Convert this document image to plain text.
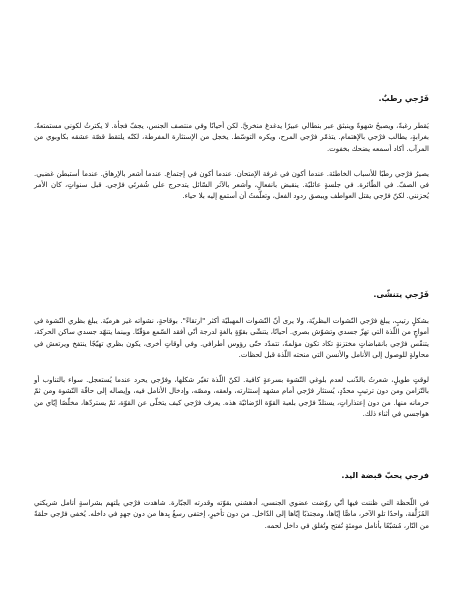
فَرْجي رطبٌ.

يَقطر رغبةً، ويصبحُ شهوةً وينبثق عبر بنطالي عبيرًا يدغدغ منخريَّ. لكن أحيانًا وفي منتصف الجنس، يجفّ فجأة. لا يكترثُ لكوني مستمتعةً. بغرابةٍ، يطالب فرْجي بالإهتمام. يتذمّر فرْجي المرح، ويكره التوسّط. يخجل من الإستثارة المفرطة، لكنّه يلتقط قصّة عشقه بكاوبوي من المرآب. أكاد أسمعه يضحك بخفوت.

يصيرُ فرْجي رطبًا للأسباب الخاطئة. عندما أكون في غرفة الإمتحان. عندما أكون في إجتماع. عندما أشعر بالإرهاق. عندما أستبطن غضبي. في الصفّ. في الطّائرة. في جلسةٍ عائليّة. ينقبض بانفعالٍ، وأشعر بالآثر السّائل يتدحرج على شُفرتَي فرْجي. قبل سنواتٍ، كان الأمر يُحزنني. لكنّ فرْجي يقتل العواطف ويبصق ردود الفعل، وتعلّمتُ أن أستمع إليه بلا حياء.

فَرْجي يتنشّى.

بشكلٍ رتيبٍ، يبلغ فرْجي النّشوات البظريّة، ولا يرى أنّ النّشوات المهبليّة أكثر "ارتقاءً". بوقاحةٍ، نشواته غير هرميّة. يبلغ بظري النّشوة في أمواجٍ من اللّذة التي تهزّ جسدي وتشوّش بصري. أحيانًا، يتنشّى بقوّةٍ بالغةٍ لدرجة أنّي أفقد السّمع مؤقّتًا. وبينما يتنهّد جسدي ساكن الحركة، يتنفّس فرْجي بانقباضاتٍ مختزنةٍ تكاد تكون مؤلمةً، تتمدّد حتّى رؤوس أطرافي. وفي أوقاتٍ أخرى، يكون بظري تهيّجًا ينتفخ ويرتعش في محاولةٍ للوصول إلى الأنامل والأنسن التي منحته اللّذة قبل لحظات.

لوقتٍ طويلٍ، شعرتُ بالذّنب لعدم بلوغي النّشوة بسرعةٍ كافية. لكنّ اللّذة تغيّر شكلها، وفرْجي يحرد عندما يُستعجل. سواء بالتناوب أو بالتّزامن ومن دون ترتيبٍ محدّدٍ، يُستثار فرْجي أمام مشهد إستثارته، ولعقه، ومصّه، وإدخال الأنامل فيه، وإيصاله إلى حافّة النّشوة ومن ثمّ حرمانه منها. من دون إعتذاراتٍ، يستلذّ فرْجي بلعبة القوّة الرّضائيّة هذه. يعرف فرْجي كيف يتخلّى عن القوّة، ثمّ يستردّها، مخلّصًا إيّاي من هواجسي في أثناء ذلك.

فرجي يحبّ قبضة اليد.

في اللّحظة التي ظننت فيها أنّي روّضت عضوي الجنسي، أدهشني بقوّته وقدرته الجبّارة. شاهدت فرْجي يلتهم بشراسةٍ أنامل شريكتي المُزَلَّقة، واحدًا تلو الآخر، ماصًّا إيّاها، ومجتذبًا إيّاها إلى الدّاخل. من دون تأخيرٍ، إختفى رسغٌ بِدها من دون جهدٍ في داخله. يُخفي فرْجي حلقةً من النّار، مُشبّعًا بأنامل مومئةٍ تُفتح وتُغلق في داخل لحمه.
